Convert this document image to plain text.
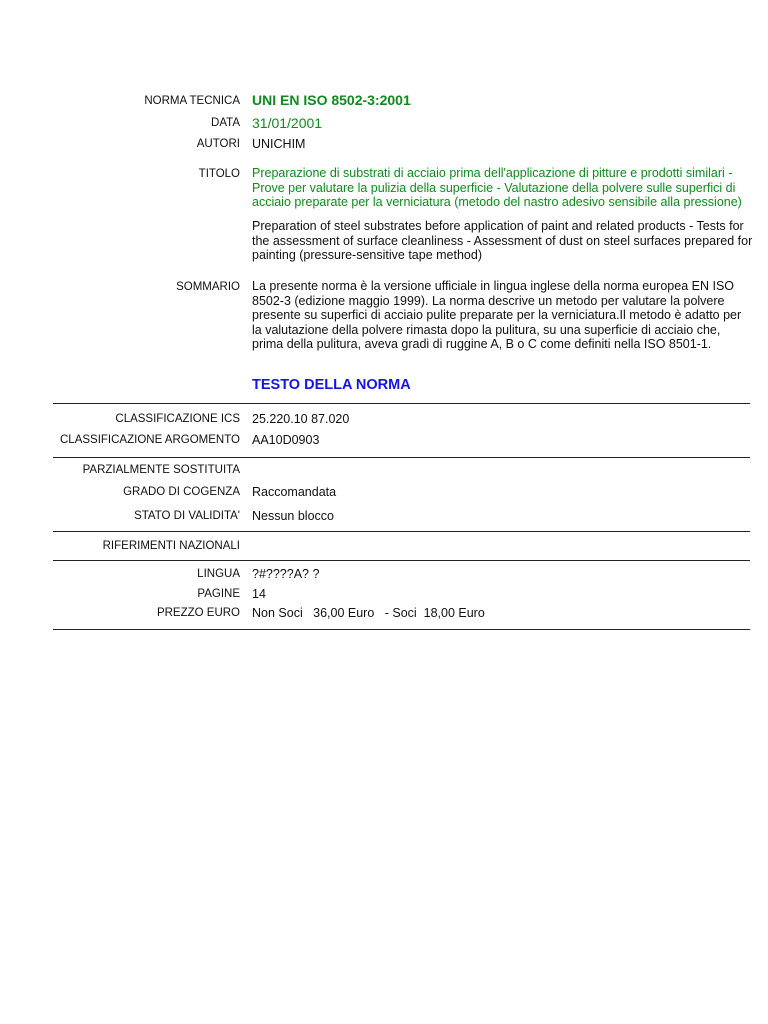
NORMA TECNICA UNI EN ISO 8502-3:2001
DATA 31/01/2001
AUTORI UNICHIM
TITOLO Preparazione di substrati di acciaio prima dell'applicazione di pitture e prodotti similari - Prove per valutare la pulizia della superficie - Valutazione della polvere sulle superfici di acciaio preparate per la verniciatura (metodo del nastro adesivo sensibile alla pressione)
Preparation of steel substrates before application of paint and related products - Tests for the assessment of surface cleanliness - Assessment of dust on steel surfaces prepared for painting (pressure-sensitive tape method)
SOMMARIO La presente norma è la versione ufficiale in lingua inglese della norma europea EN ISO 8502-3 (edizione maggio 1999). La norma descrive un metodo per valutare la polvere presente su superfici di acciaio pulite preparate per la verniciatura.Il metodo è adatto per la valutazione della polvere rimasta dopo la pulitura, su una superficie di acciaio che, prima della pulitura, aveva gradi di ruggine A, B o C come definiti nella ISO 8501-1.
TESTO DELLA NORMA
CLASSIFICAZIONE ICS 25.220.10 87.020
CLASSIFICAZIONE ARGOMENTO AA10D0903
PARZIALMENTE SOSTITUITA
GRADO DI COGENZA Raccomandata
STATO DI VALIDITA' Nessun blocco
RIFERIMENTI NAZIONALI
LINGUA ?#????A? ?
PAGINE 14
PREZZO EURO Non Soci   36,00 Euro   - Soci  18,00 Euro
